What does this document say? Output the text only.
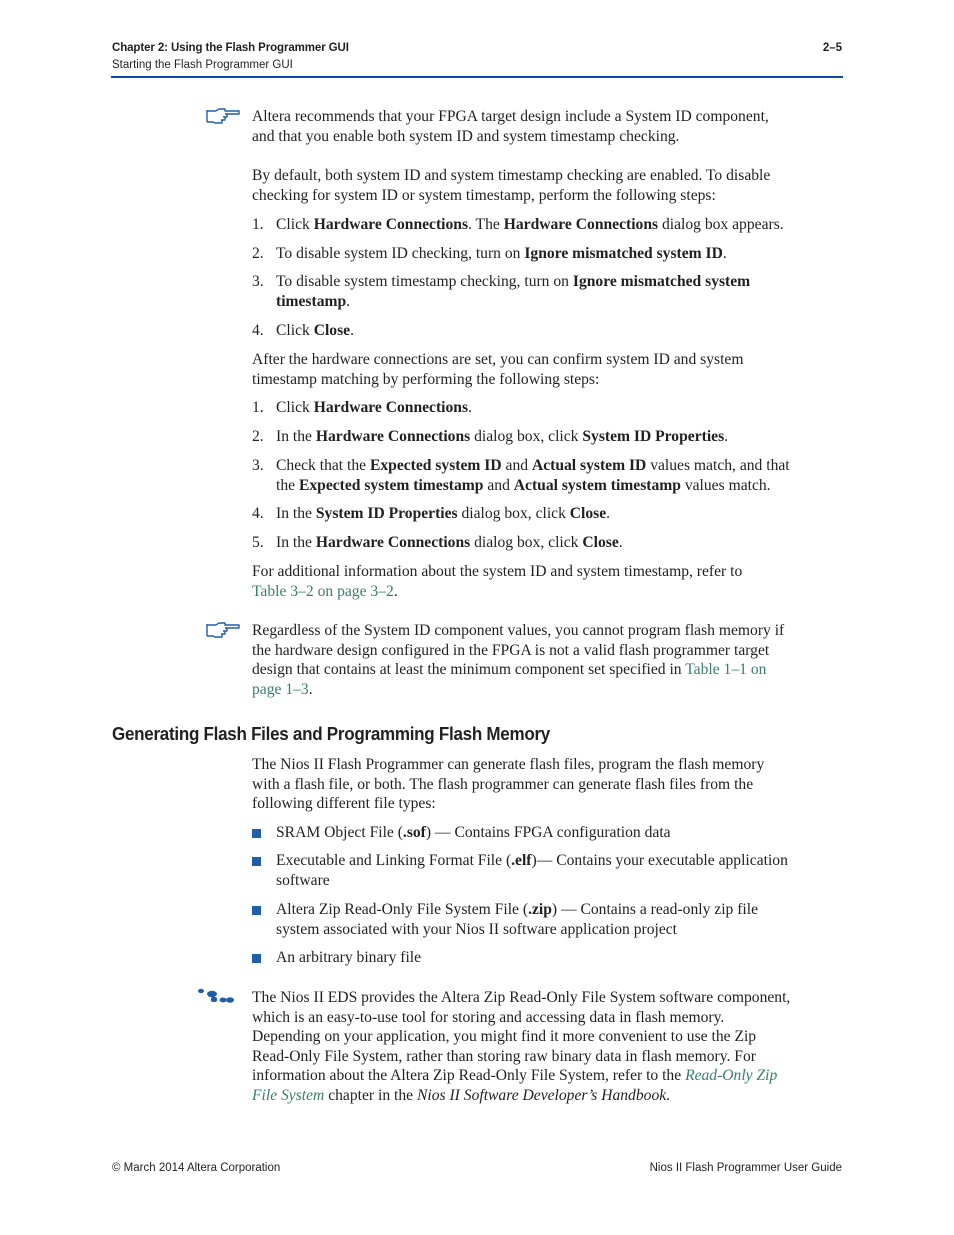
Chapter 2: Using the Flash Programmer GUI
Starting the Flash Programmer GUI
2–5

Altera recommends that your FPGA target design include a System ID component,
and that you enable both system ID and system timestamp checking.

By default, both system ID and system timestamp checking are enabled. To disable
checking for system ID or system timestamp, perform the following steps:

1. Click Hardware Connections. The Hardware Connections dialog box appears.

2. To disable system ID checking, turn on Ignore mismatched system ID.

3. To disable system timestamp checking, turn on Ignore mismatched system
timestamp.

4. Click Close.

After the hardware connections are set, you can confirm system ID and system
timestamp matching by performing the following steps:

1. Click Hardware Connections.

2. In the Hardware Connections dialog box, click System ID Properties.

3. Check that the Expected system ID and Actual system ID values match, and that
the Expected system timestamp and Actual system timestamp values match.

4. In the System ID Properties dialog box, click Close.

5. In the Hardware Connections dialog box, click Close.

For additional information about the system ID and system timestamp, refer to
Table 3–2 on page 3–2.

Regardless of the System ID component values, you cannot program flash memory if
the hardware design configured in the FPGA is not a valid flash programmer target
design that contains at least the minimum component set specified in Table 1–1 on
page 1–3.

Generating Flash Files and Programming Flash Memory

The Nios II Flash Programmer can generate flash files, program the flash memory
with a flash file, or both. The flash programmer can generate flash files from the
following different file types:

SRAM Object File (.sof) — Contains FPGA configuration data

Executable and Linking Format File (.elf)— Contains your executable application
software

Altera Zip Read-Only File System File (.zip) — Contains a read-only zip file
system associated with your Nios II software application project

An arbitrary binary file

The Nios II EDS provides the Altera Zip Read-Only File System software component,
which is an easy-to-use tool for storing and accessing data in flash memory.
Depending on your application, you might find it more convenient to use the Zip
Read-Only File System, rather than storing raw binary data in flash memory. For
information about the Altera Zip Read-Only File System, refer to the Read-Only Zip
File System chapter in the Nios II Software Developer’s Handbook.

© March 2014 Altera Corporation	Nios II Flash Programmer User Guide
